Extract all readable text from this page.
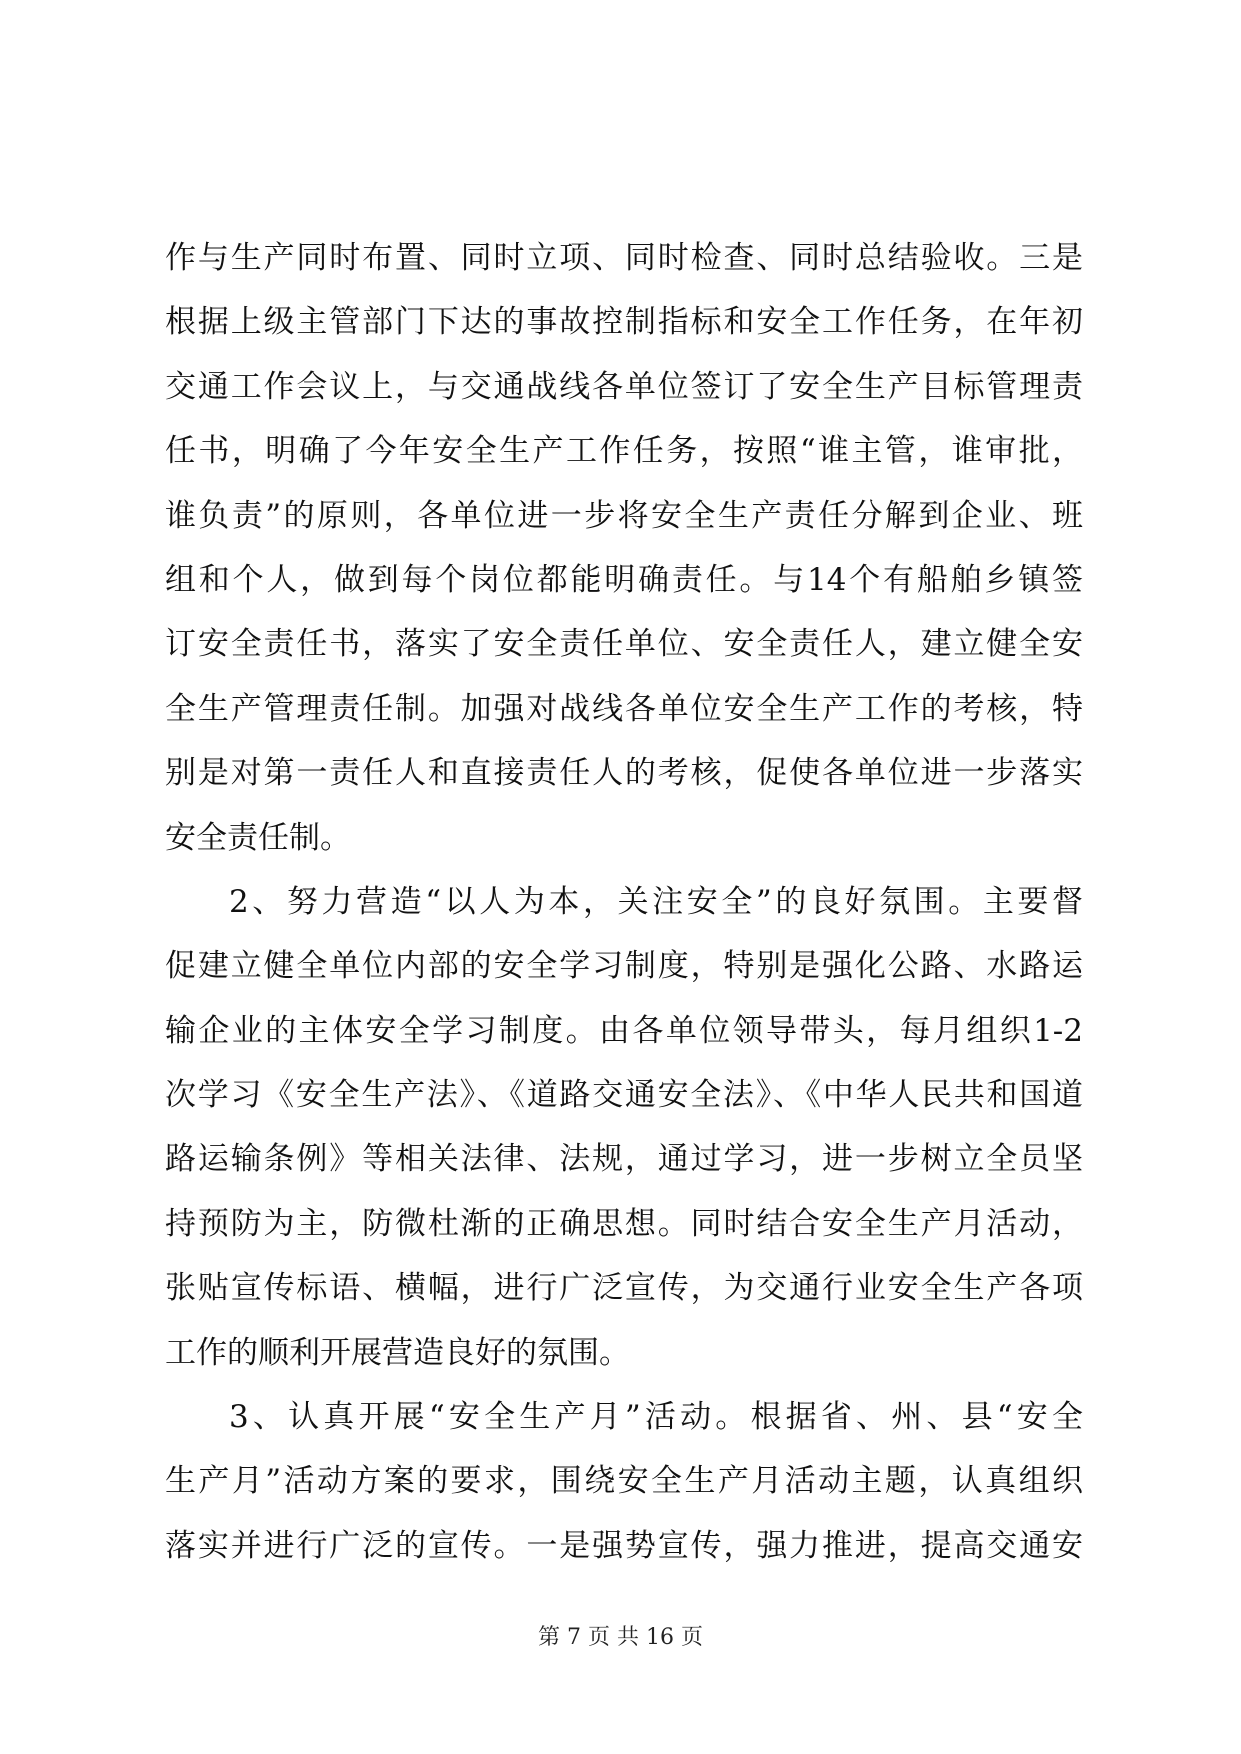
作与生产同时布置、同时立项、同时检查、同时总结验收。三是
根据上级主管部门下达的事故控制指标和安全工作任务，在年初
交通工作会议上，与交通战线各单位签订了安全生产目标管理责
任书，明确了今年安全生产工作任务，按照“谁主管，谁审批，
谁负责”的原则，各单位进一步将安全生产责任分解到企业、班
组和个人，做到每个岗位都能明确责任。与14个有船舶乡镇签
订安全责任书，落实了安全责任单位、安全责任人，建立健全安
全生产管理责任制。加强对战线各单位安全生产工作的考核，特
别是对第一责任人和直接责任人的考核，促使各单位进一步落实
安全责任制。
2、努力营造“以人为本，关注安全”的良好氛围。主要督
促建立健全单位内部的安全学习制度，特别是强化公路、水路运
输企业的主体安全学习制度。由各单位领导带头，每月组织1-2
次学习《安全生产法》、《道路交通安全法》、《中华人民共和国道
路运输条例》等相关法律、法规，通过学习，进一步树立全员坚
持预防为主，防微杜渐的正确思想。同时结合安全生产月活动，
张贴宣传标语、横幅，进行广泛宣传，为交通行业安全生产各项
工作的顺利开展营造良好的氛围。
3、认真开展“安全生产月”活动。根据省、州、县“安全
生产月”活动方案的要求，围绕安全生产月活动主题，认真组织
落实并进行广泛的宣传。一是强势宣传，强力推进，提高交通安
第 7 页 共 16 页
